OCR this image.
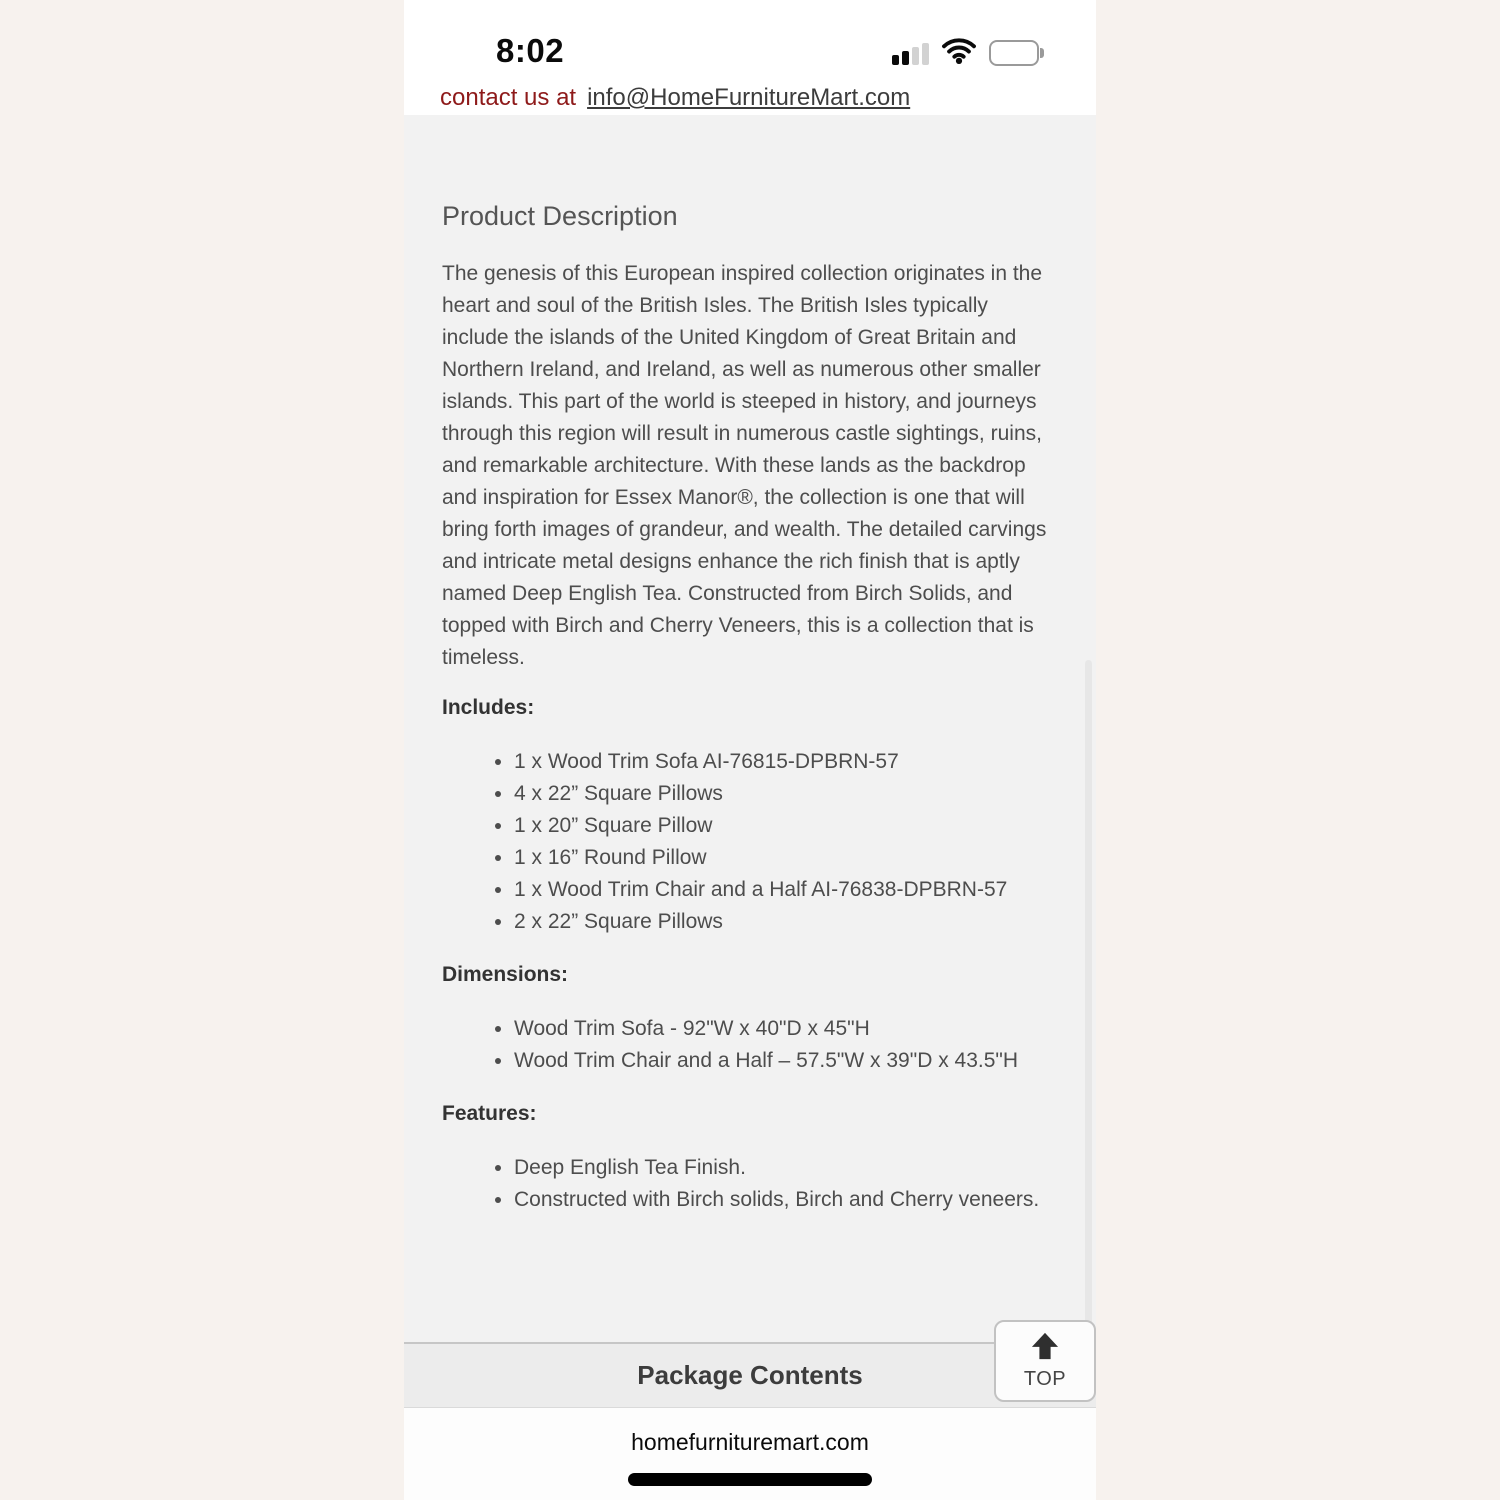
8:02
contact us at info@HomeFurnitureMart.com
Product Description

The genesis of this European inspired collection originates in the heart and soul of the British Isles. The British Isles typically include the islands of the United Kingdom of Great Britain and Northern Ireland, and Ireland, as well as numerous other smaller islands. This part of the world is steeped in history, and journeys through this region will result in numerous castle sightings, ruins, and remarkable architecture. With these lands as the backdrop and inspiration for Essex Manor®, the collection is one that will bring forth images of grandeur, and wealth. The detailed carvings and intricate metal designs enhance the rich finish that is aptly named Deep English Tea. Constructed from Birch Solids, and topped with Birch and Cherry Veneers, this is a collection that is timeless.

Includes:
• 1 x Wood Trim Sofa AI-76815-DPBRN-57
• 4 x 22” Square Pillows
• 1 x 20” Square Pillow
• 1 x 16” Round Pillow
• 1 x Wood Trim Chair and a Half AI-76838-DPBRN-57
• 2 x 22” Square Pillows
Dimensions:
• Wood Trim Sofa - 92"W x 40"D x 45"H
• Wood Trim Chair and a Half – 57.5"W x 39"D x 43.5"H
Features:
• Deep English Tea Finish.
• Constructed with Birch solids, Birch and Cherry veneers.
Package Contents	TOP
homefurnituremart.com
